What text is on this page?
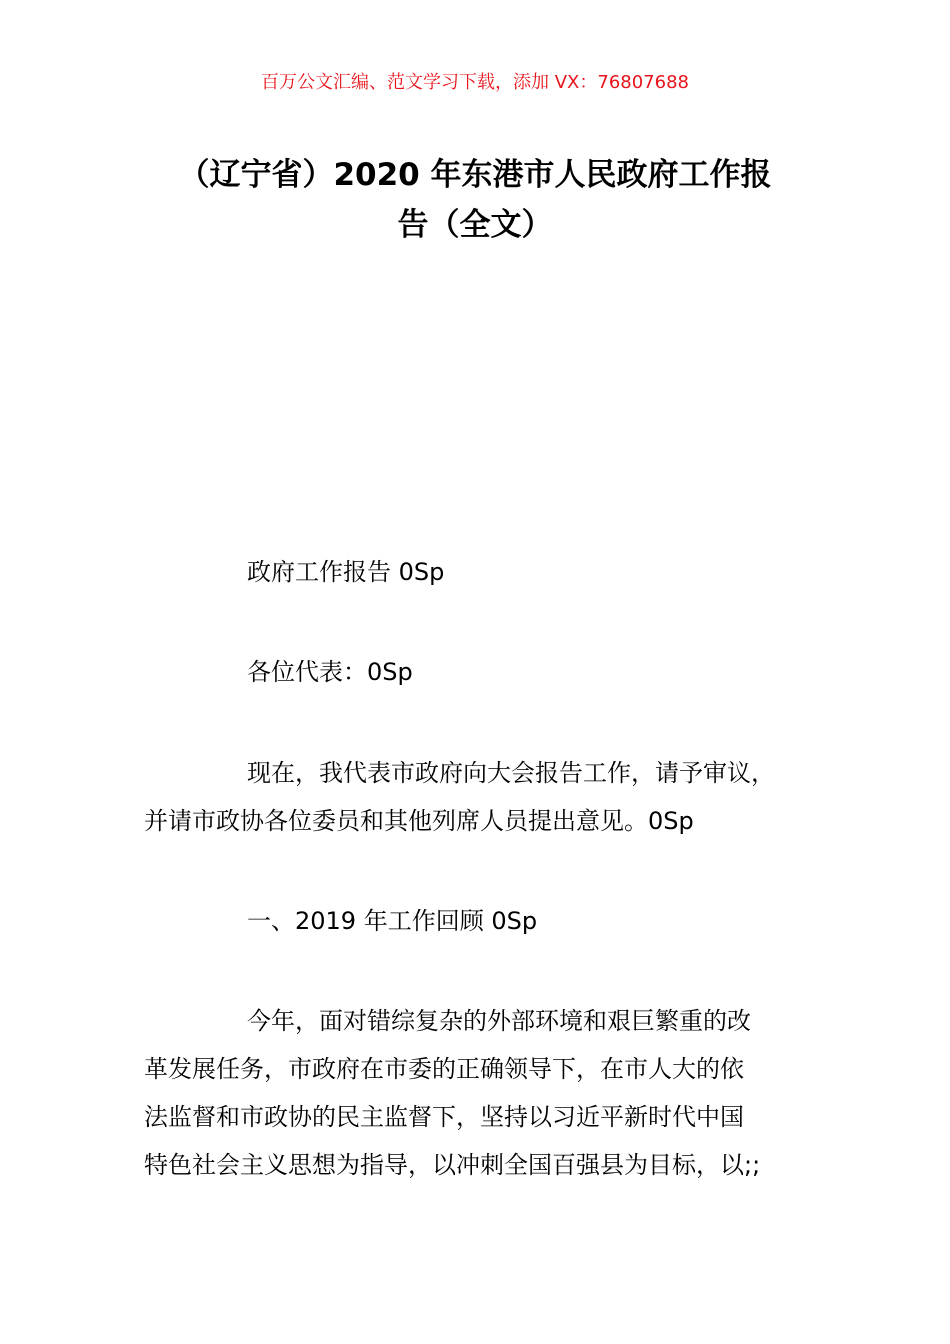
百万公文汇编、范文学习下载，添加 VX：76807688
（辽宁省）2020 年东港市人民政府工作报
告（全文）
政府工作报告 0Sp
各位代表：0Sp
现在，我代表市政府向大会报告工作，请予审议，
并请市政协各位委员和其他列席人员提出意见。0Sp
一、2019 年工作回顾 0Sp
今年，面对错综复杂的外部环境和艰巨繁重的改
革发展任务，市政府在市委的正确领导下，在市人大的依
法监督和市政协的民主监督下，坚持以习近平新时代中国
特色社会主义思想为指导，以冲刺全国百强县为目标，以;;
